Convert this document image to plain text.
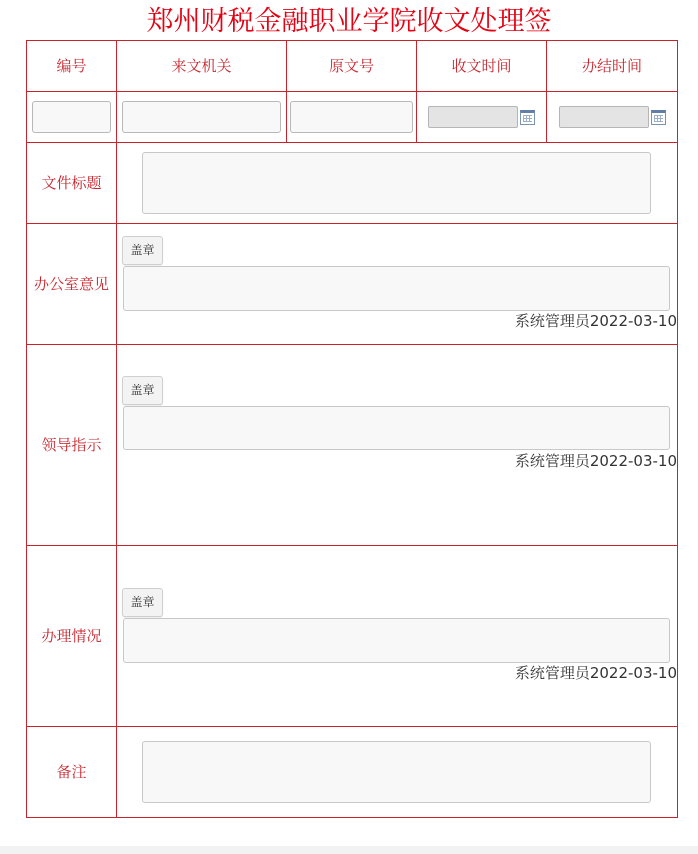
郑州财税金融职业学院收文处理签
编号	来文机关	原文号	收文时间	办结时间

文件标题				

办公室意见	盖章
系统管理员2022-03-10			

领导指示	盖章
系统管理员2022-03-10			

办理情况	盖章
系统管理员2022-03-10			

备注				
